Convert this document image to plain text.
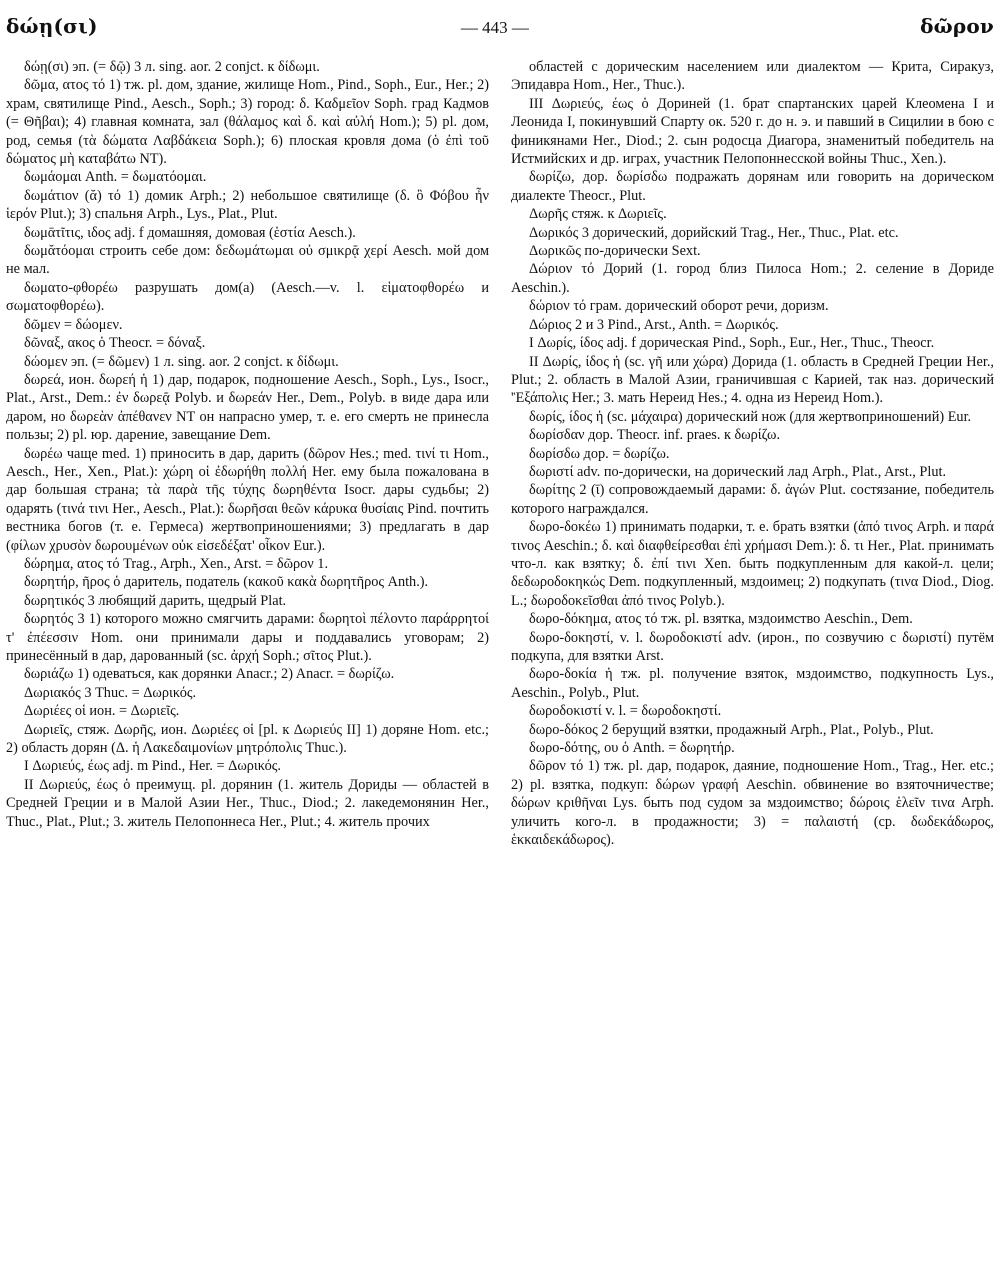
δώῃ(σι)	— 443 —	δῶρον

δώῃ(σι) эп. (= δῷ) 3 л. sing. aor. 2 conjct. к δίδωμι.

δῶμα, ατος τό 1) тж. pl. дом, здание, жилище Hom., Pind., Soph., Eur., Her.; 2) храм, святилище Pind., Aesch., Soph.; 3) город: δ. Καδμεῖον Soph. град Кадмов (= Θῆβαι); 4) главная комната, зал (θάλαμος καὶ δ. καὶ αὐλή Hom.); 5) pl. дом, род, семья (τὰ δώματα Λαβδάκεια Soph.); 6) плоская кровля дома (ὁ ἐπὶ τοῦ δώματος μὴ καταβάτω NT).

δωμάομαι Anth. = δωματόομαι.

δωμάτιον (ᾰ) τό 1) домик Arph.; 2) небольшое святилище (δ. ὃ Φόβου ἦν ἱερόν Plut.); 3) спальня Arph., Lys., Plat., Plut.

δωμᾱτῖτις, ιδος adj. f домашняя, домовая (ἑστία Aesch.).

δωμᾰτόομαι строить себе дом: δεδωμάτωμαι οὐ σμικρᾷ χερί Aesch. мой дом не мал.

δωματο-φθορέω разрушать дом(а) (Aesch.—v. l. εἱματοφθορέω и σωματοφθορέω).

δῶμεν = δώομεν.

δῶναξ, ακος ὁ Theocr. = δόναξ.

δώομεν эп. (= δῶμεν) 1 л. sing. aor. 2 conjct. к δίδωμι.

δωρεά, ион. δωρεή ἡ 1) дар, подарок, подношение Aesch., Soph., Lys., Isocr., Plat., Arst., Dem.: ἐν δωρεᾷ Polyb. и δωρεάν Her., Dem., Polyb. в виде дара или даром, но δωρεὰν ἀπέθανεν NT он напрасно умер, т. е. его смерть не принесла пользы; 2) pl. юр. дарение, завещание Dem.

δωρέω чаще med. 1) приносить в дар, дарить (δῶρον Hes.; med. τινί τι Hom., Aesch., Her., Xen., Plat.): χώρη οἱ ἐδωρήθη πολλή Her. ему была пожалована в дар большая страна; τὰ παρὰ τῆς τύχης δωρηθέντα Isocr. дары судьбы; 2) одарять (τινά τινι Her., Aesch., Plat.): δωρῆσαι θεῶν κάρυκα θυσίαις Pind. почтить вестника богов (т. е. Гермеса) жертвоприношениями; 3) предлагать в дар (φίλων χρυσὸν δωρουμένων οὐκ εἰσεδέξατ' οἶκον Eur.).

δώρημα, ατος τό Trag., Arph., Xen., Arst. = δῶρον 1.

δωρητήρ, ῆρος ὁ даритель, податель (κακοῦ κακὰ δωρητῆρος Anth.).

δωρητικός 3 любящий дарить, щедрый Plat.

δωρητός 3 1) которого можно смягчить дарами: δωρητοὶ πέλοντο παράρρητοί τ' ἐπέεσσιν Hom. они принимали дары и поддавались уговорам; 2) принесённый в дар, дарованный (sc. ἀρχή Soph.; σῖτος Plut.).

δωριάζω 1) одеваться, как дорянки Anacr.; 2) Anacr. = δωρίζω.

Δωριακός 3 Thuc. = Δωρικός.

Δωριέες οἱ ион. = Δωριεῖς.

Δωριεῖς, стяж. Δωρῆς, ион. Δωριέες οἱ [pl. к Δωριεύς II] 1) доряне Hom. etc.; 2) область дорян (Δ. ἡ Λακεδαιμονίων μητρόπολις Thuc.).

I Δωριεύς, έως adj. m Pind., Her. = Δωρικός.

II Δωριεύς, έως ὁ преимущ. pl. дорянин (1. житель Дориды — областей в Средней Греции и в Малой Азии Her., Thuc., Diod.; 2. лакедемонянин Her., Thuc., Plat., Plut.; 3. житель Пелопоннеса Her., Plut.; 4. житель прочих

областей с дорическим населением или диалектом — Крита, Сиракуз, Эпидавра Hom., Her., Thuc.).

III Δωριεύς, έως ὁ Дориней (1. брат спартанских царей Клеомена I и Леонида I, покинувший Спарту ок. 520 г. до н. э. и павший в Сицилии в бою с финикянами Her., Diod.; 2. сын родосца Диагора, знаменитый победитель на Истмийских и др. играх, участник Пелопоннесской войны Thuc., Xen.).

δωρίζω, дор. δωρίσδω подражать дорянам или говорить на дорическом диалекте Theocr., Plut.

Δωρῆς стяж. к Δωριεῖς.

Δωρικός 3 дорический, дорийский Trag., Her., Thuc., Plat. etc.

Δωρικῶς по-дорически Sext.

Δώριον τό Дорий (1. город близ Пилоса Hom.; 2. селение в Дориде Aeschin.).

δώριον τό грам. дорический оборот речи, доризм.

Δώριος 2 и 3 Pind., Arst., Anth. = Δωρικός.

I Δωρίς, ίδος adj. f дорическая Pind., Soph., Eur., Her., Thuc., Theocr.

II Δωρίς, ίδος ἡ (sc. γῆ или χώρα) Дорида (1. область в Средней Греции Her., Plut.; 2. область в Малой Азии, граничившая с Карией, так наз. дорический 'Ἑξάπολις Her.; 3. мать Нереид Hes.; 4. одна из Нереид Hom.).

δωρίς, ίδος ἡ (sc. μάχαιρα) дорический нож (для жертвоприношений) Eur.

δωρίσδαν дор. Theocr. inf. praes. к δωρίζω.

δωρίσδω дор. = δωρίζω.

δωριστί adv. по-дорически, на дорический лад Arph., Plat., Arst., Plut.

δωρίτης 2 (ῑ) сопровождаемый дарами: δ. ἀγών Plut. состязание, победитель которого награждался.

δωρο-δοκέω 1) принимать подарки, т. е. брать взятки (ἀπό τινος Arph. и παρά τινος Aeschin.; δ. καὶ διαφθείρεσθαι ἐπὶ χρήμασι Dem.): δ. τι Her., Plat. принимать что-л. как взятку; δ. ἐπί τινι Xen. быть подкупленным для какой-л. цели; δεδωροδοκηκώς Dem. подкупленный, мздоимец; 2) подкупать (τινα Diod., Diog. L.; δωροδοκεῖσθαι ἀπό τινος Polyb.).

δωρο-δόκημα, ατος τό тж. pl. взятка, мздоимство Aeschin., Dem.

δωρο-δοκηστί, v. l. δωροδοκιστί adv. (ирон., по созвучию с δωριστί) путём подкупа, для взятки Arst.

δωρο-δοκία ἡ тж. pl. получение взяток, мздоимство, подкупность Lys., Aeschin., Polyb., Plut.

δωροδοκιστί v. l. = δωροδοκηστί.

δωρο-δόκος 2 берущий взятки, продажный Arph., Plat., Polyb., Plut.

δωρο-δότης, ου ὁ Anth. = δωρητήρ.

δῶρον τό 1) тж. pl. дар, подарок, даяние, подношение Hom., Trag., Her. etc.; 2) pl. взятка, подкуп: δώρων γραφή Aeschin. обвинение во взяточничестве; δώρων κριθῆναι Lys. быть под судом за мздоимство; δώροις ἑλεῖν τινα Arph. уличить кого-л. в продажности; 3) = παλαιστή (ср. δωδεκάδωρος, ἑκκαιδεκάδωρος).
